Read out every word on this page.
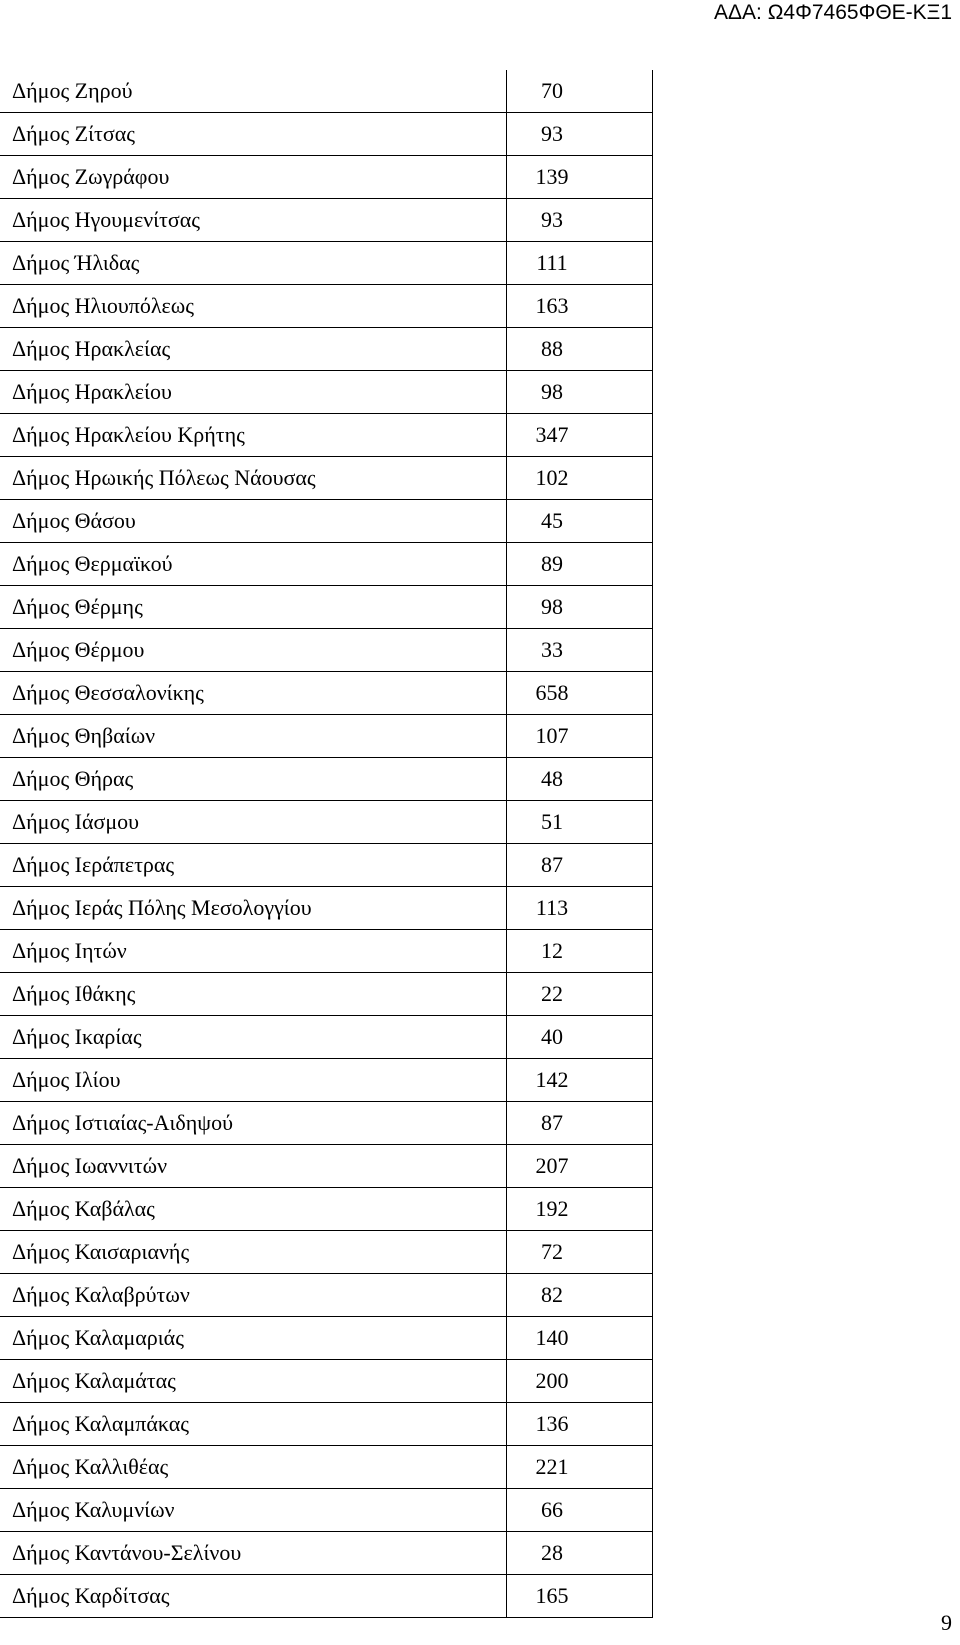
ΑΔΑ: Ω4Φ7465ΦΘΕ-ΚΞ1
Δήμος Ζηρού	70
Δήμος Ζίτσας	93
Δήμος Ζωγράφου	139
Δήμος Ηγουμενίτσας	93
Δήμος Ήλιδας	111
Δήμος Ηλιουπόλεως	163
Δήμος Ηρακλείας	88
Δήμος Ηρακλείου	98
Δήμος Ηρακλείου Κρήτης	347
Δήμος Ηρωικής Πόλεως Νάουσας	102
Δήμος Θάσου	45
Δήμος Θερμαϊκού	89
Δήμος Θέρμης	98
Δήμος Θέρμου	33
Δήμος Θεσσαλονίκης	658
Δήμος Θηβαίων	107
Δήμος Θήρας	48
Δήμος Ιάσμου	51
Δήμος Ιεράπετρας	87
Δήμος Ιεράς Πόλης Μεσολογγίου	113
Δήμος Ιητών	12
Δήμος Ιθάκης	22
Δήμος Ικαρίας	40
Δήμος Ιλίου	142
Δήμος Ιστιαίας-Αιδηψού	87
Δήμος Ιωαννιτών	207
Δήμος Καβάλας	192
Δήμος Καισαριανής	72
Δήμος Καλαβρύτων	82
Δήμος Καλαμαριάς	140
Δήμος Καλαμάτας	200
Δήμος Καλαμπάκας	136
Δήμος Καλλιθέας	221
Δήμος Καλυμνίων	66
Δήμος Καντάνου-Σελίνου	28
Δήμος Καρδίτσας	165
9
